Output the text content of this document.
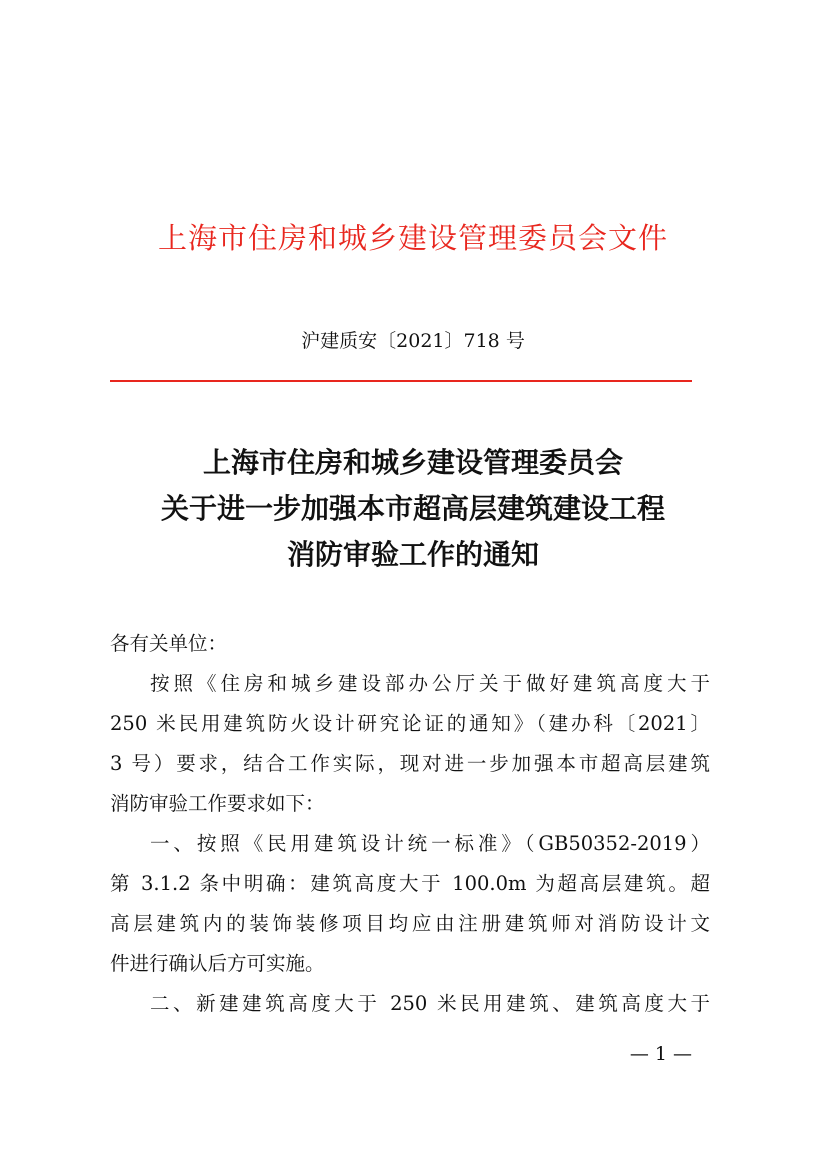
上海市住房和城乡建设管理委员会文件
沪建质安〔2021〕718 号
上海市住房和城乡建设管理委员会
关于进一步加强本市超高层建筑建设工程
消防审验工作的通知
各有关单位：
按照《住房和城乡建设部办公厅关于做好建筑高度大于
250 米民用建筑防火设计研究论证的通知》（建办科〔2021〕
3 号）要求，结合工作实际，现对进一步加强本市超高层建筑
消防审验工作要求如下：
一、按照《民用建筑设计统一标准》（GB50352-2019）
第 3.1.2 条中明确：建筑高度大于 100.0m 为超高层建筑。超
高层建筑内的装饰装修项目均应由注册建筑师对消防设计文
件进行确认后方可实施。
二、新建建筑高度大于 250 米民用建筑、建筑高度大于
— 1 —
